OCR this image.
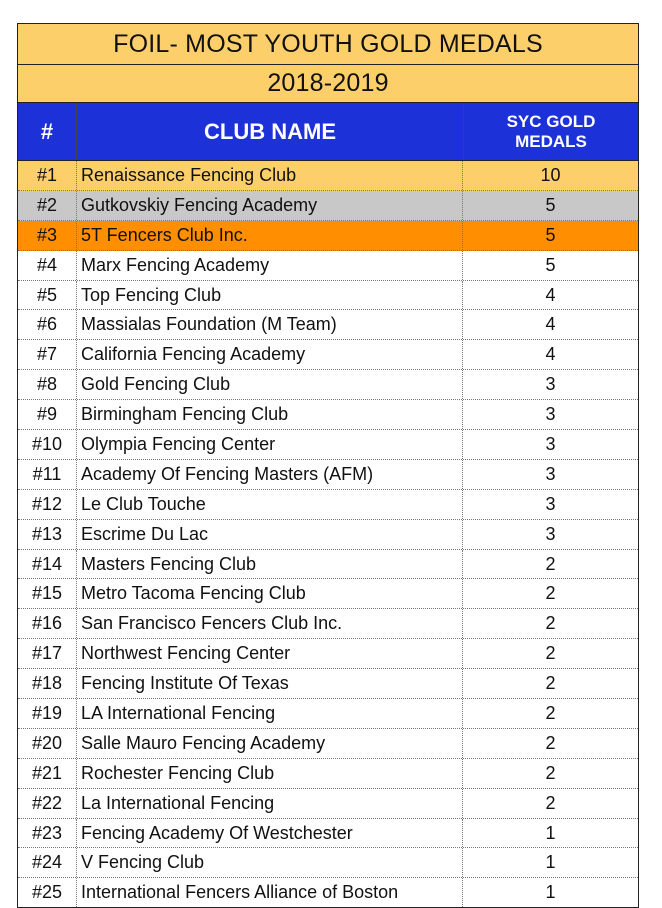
FOIL- MOST YOUTH GOLD MEDALS
2018-2019
#	CLUB NAME	SYC GOLD
MEDALS
#1	Renaissance Fencing Club	10
#2	Gutkovskiy Fencing Academy	5
#3	5T Fencers Club Inc.	5
#4	Marx Fencing Academy	5
#5	Top Fencing Club	4
#6	Massialas Foundation (M Team)	4
#7	California Fencing Academy	4
#8	Gold Fencing Club	3
#9	Birmingham Fencing Club	3
#10	Olympia Fencing Center	3
#11	Academy Of Fencing Masters (AFM)	3
#12	Le Club Touche	3
#13	Escrime Du Lac	3
#14	Masters Fencing Club	2
#15	Metro Tacoma Fencing Club	2
#16	San Francisco Fencers Club Inc.	2
#17	Northwest Fencing Center	2
#18	Fencing Institute Of Texas	2
#19	LA International Fencing	2
#20	Salle Mauro Fencing Academy	2
#21	Rochester Fencing Club	2
#22	La International Fencing	2
#23	Fencing Academy Of Westchester	1
#24	V Fencing Club	1
#25	International Fencers Alliance of Boston	1
